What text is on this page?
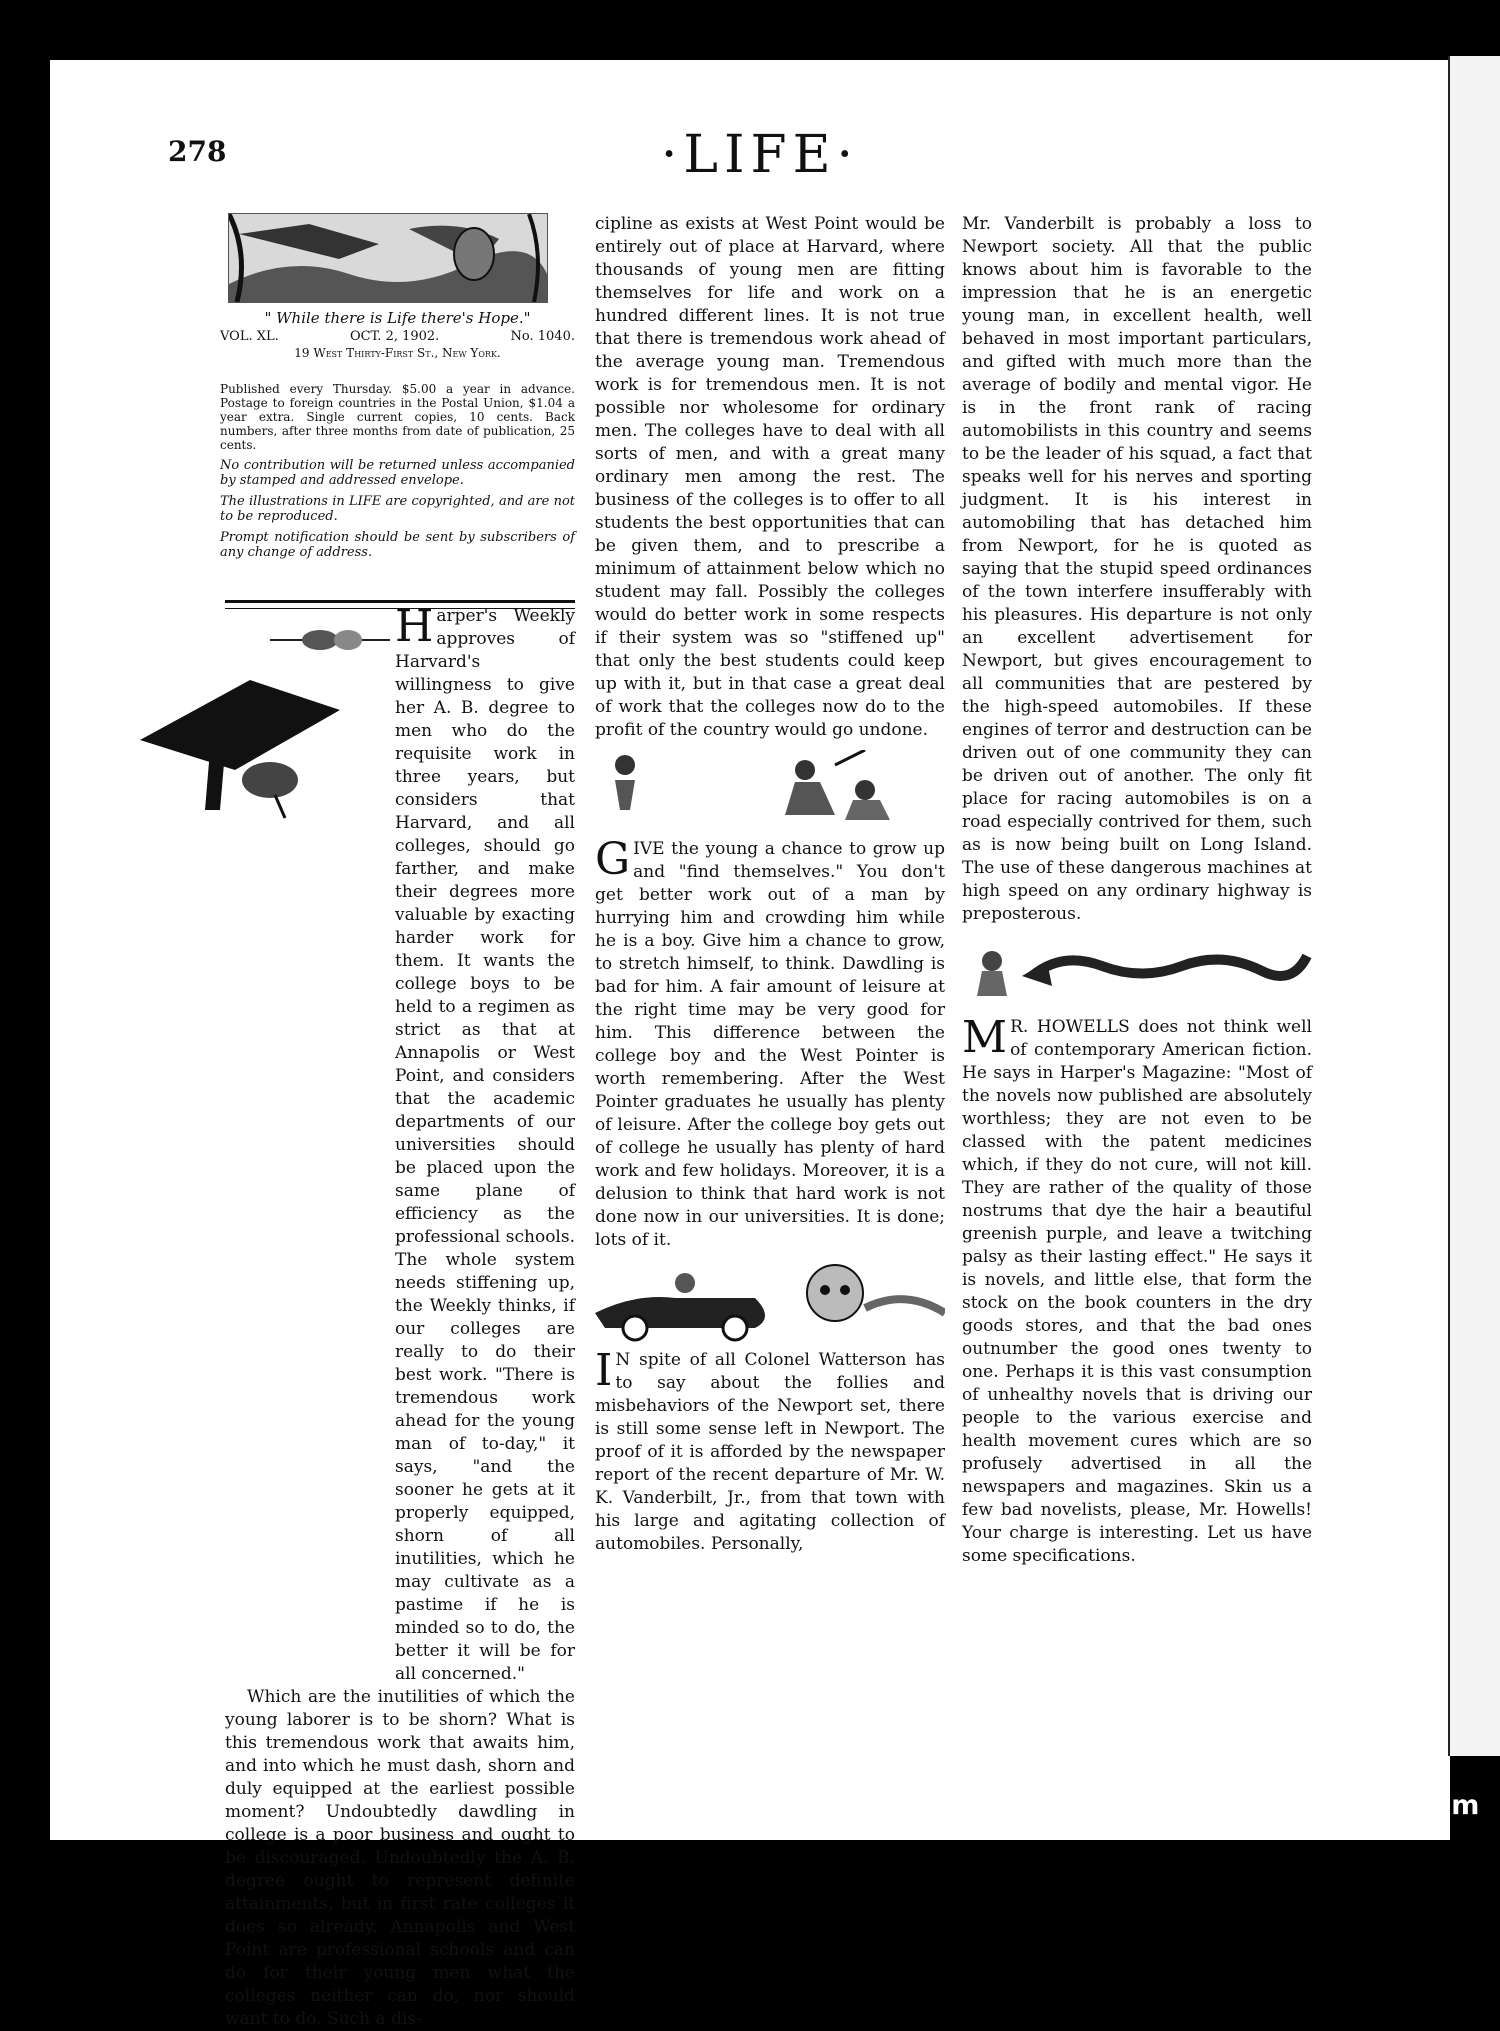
278	·LIFE·
" While there is Life there's Hope."
VOL. XL.	OCT. 2, 1902.	No. 1040.
19 West Thirty-First St., New York.
Published every Thursday. $5.00 a year in advance. Postage to foreign countries in the Postal Union, $1.04 a year extra. Single current copies, 10 cents. Back numbers, after three months from date of publication, 25 cents.
No contribution will be returned unless accompanied by stamped and addressed envelope.
The illustrations in LIFE are copyrighted, and are not to be reproduced.
Prompt notification should be sent by subscribers of any change of address.

Harper's Weekly approves of Harvard's willingness to give her A. B. degree to men who do the requisite work in three years, but considers that Harvard, and all colleges, should go farther, and make their degrees more valuable by exacting harder work for them. It wants the college boys to be held to a regimen as strict as that at Annapolis or West Point, and considers that the academic departments of our universities should be placed upon the same plane of efficiency as the professional schools. The whole system needs stiffening up, the Weekly thinks, if our colleges are really to do their best work. "There is tremendous work ahead for the young man of to-day," it says, "and the sooner he gets at it properly equipped, shorn of all inutilities, which he may cultivate as a pastime if he is minded so to do, the better it will be for all concerned."

Which are the inutilities of which the young laborer is to be shorn? What is this tremendous work that awaits him, and into which he must dash, shorn and duly equipped at the earliest possible moment? Undoubtedly dawdling in college is a poor business and ought to be discouraged. Undoubtedly the A. B. degree ought to represent definite attainments, but in first rate colleges it does so already. Annapolis and West Point are professional schools and can do for their young men what the colleges neither can do, nor should want to do. Such a dis-

cipline as exists at West Point would be entirely out of place at Harvard, where thousands of young men are fitting themselves for life and work on a hundred different lines. It is not true that there is tremendous work ahead of the average young man. Tremendous work is for tremendous men. It is not possible nor wholesome for ordinary men. The colleges have to deal with all sorts of men, and with a great many ordinary men among the rest. The business of the colleges is to offer to all students the best opportunities that can be given them, and to prescribe a minimum of attainment below which no student may fall. Possibly the colleges would do better work in some respects if their system was so "stiffened up" that only the best students could keep up with it, but in that case a great deal of work that the colleges now do to the profit of the country would go undone.

GIVE the young a chance to grow up and "find themselves." You don't get better work out of a man by hurrying him and crowding him while he is a boy. Give him a chance to grow, to stretch himself, to think. Dawdling is bad for him. A fair amount of leisure at the right time may be very good for him. This difference between the college boy and the West Pointer is worth remembering. After the West Pointer graduates he usually has plenty of leisure. After the college boy gets out of college he usually has plenty of hard work and few holidays. Moreover, it is a delusion to think that hard work is not done now in our universities. It is done; lots of it.

I N spite of all Colonel Watterson has to say about the follies and misbehaviors of the Newport set, there is still some sense left in Newport. The proof of it is afforded by the newspaper report of the recent departure of Mr. W. K. Vanderbilt, Jr., from that town with his large and agitating collection of automobiles. Personally,

Mr. Vanderbilt is probably a loss to Newport society. All that the public knows about him is favorable to the impression that he is an energetic young man, in excellent health, well behaved in most important particulars, and gifted with much more than the average of bodily and mental vigor. He is in the front rank of racing automobilists in this country and seems to be the leader of his squad, a fact that speaks well for his nerves and sporting judgment. It is his interest in automobiling that has detached him from Newport, for he is quoted as saying that the stupid speed ordinances of the town interfere insufferably with his pleasures. His departure is not only an excellent advertisement for Newport, but gives encouragement to all communities that are pestered by the high-speed automobiles. If these engines of terror and destruction can be driven out of one community they can be driven out of another. The only fit place for racing automobiles is on a road especially contrived for them, such as is now being built on Long Island. The use of these dangerous machines at high speed on any ordinary highway is preposterous.

M R. HOWELLS does not think well of contemporary American fiction. He says in Harper's Magazine: "Most of the novels now published are absolutely worthless; they are not even to be classed with the patent medicines which, if they do not cure, will not kill. They are rather of the quality of those nostrums that dye the hair a beautiful greenish purple, and leave a twitching palsy as their lasting effect." He says it is novels, and little else, that form the stock on the book counters in the dry goods stores, and that the bad ones outnumber the good ones twenty to one. Perhaps it is this vast consumption of unhealthy novels that is driving our people to the various exercise and health movement cures which are so profusely advertised in all the newspapers and magazines. Skin us a few bad novelists, please, Mr. Howells! Your charge is interesting. Let us have some specifications.

comicbooks.com
